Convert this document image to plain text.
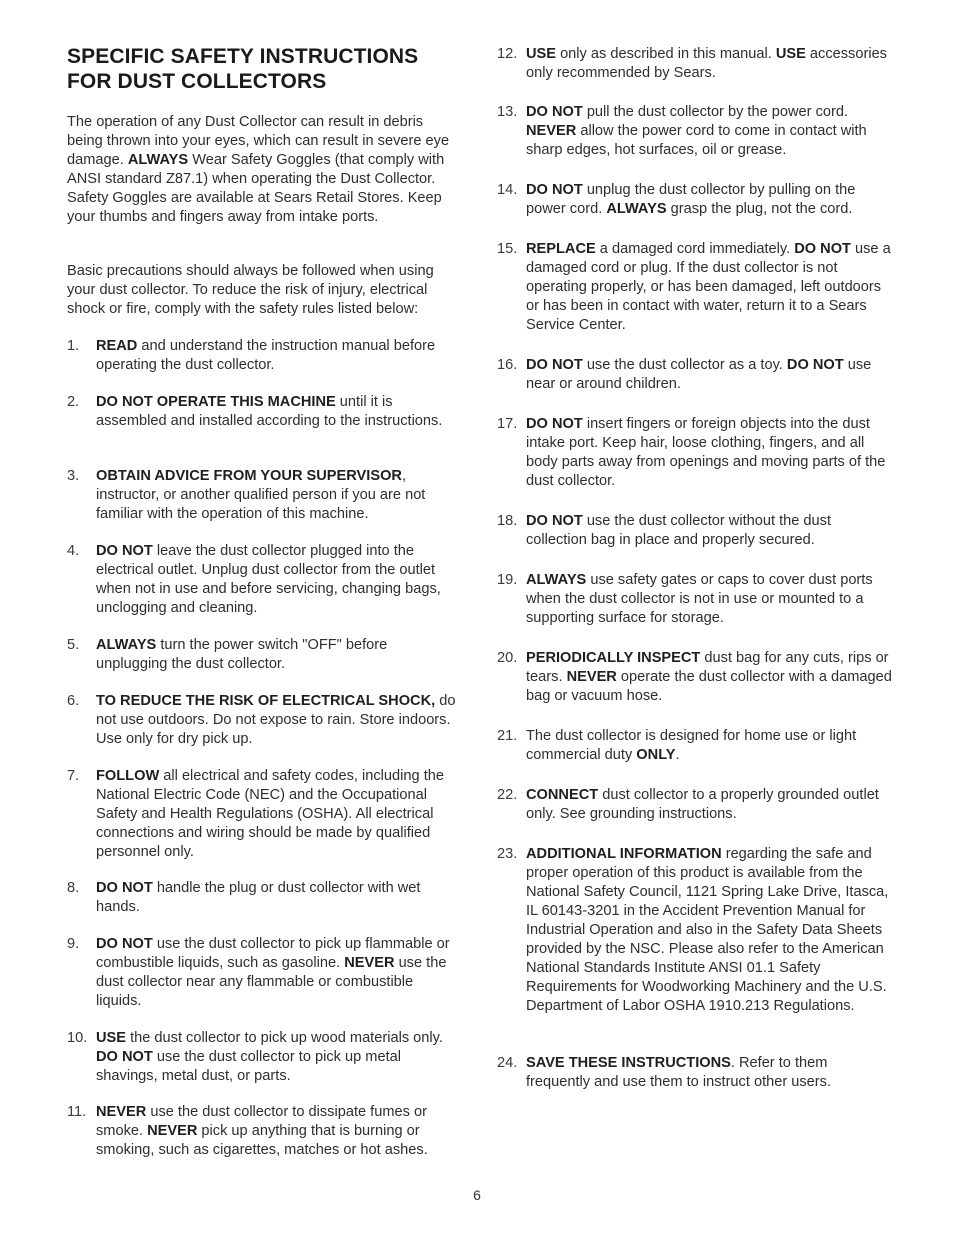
SPECIFIC SAFETY INSTRUCTIONS
FOR DUST COLLECTORS

The operation of any Dust Collector can result in debris being thrown into your eyes, which can result in severe eye damage. ALWAYS Wear Safety Goggles (that comply with ANSI standard Z87.1) when operating the Dust Collector. Safety Goggles are available at Sears Retail Stores. Keep your thumbs and fingers away from intake ports.

Basic precautions should always be followed when using your dust collector. To reduce the risk of injury, electrical shock or fire, comply with the safety rules listed below:

1.	READ and understand the instruction manual before operating the dust collector.
2.	DO NOT OPERATE THIS MACHINE until it is assembled and installed according to the instructions.
3.	OBTAIN ADVICE FROM YOUR SUPERVISOR, instructor, or another qualified person if you are not familiar with the operation of this machine.
4.	DO NOT leave the dust collector plugged into the electrical outlet. Unplug dust collector from the outlet when not in use and before servicing, changing bags, unclogging and cleaning.
5.	ALWAYS turn the power switch "OFF" before unplugging the dust collector.
6.	TO REDUCE THE RISK OF ELECTRICAL SHOCK, do not use outdoors. Do not expose to rain. Store indoors. Use only for dry pick up.
7.	FOLLOW all electrical and safety codes, including the National Electric Code (NEC) and the Occupational Safety and Health Regulations (OSHA). All electrical connections and wiring should be made by qualified personnel only.
8.	DO NOT handle the plug or dust collector with wet hands.
9.	DO NOT use the dust collector to pick up flammable or combustible liquids, such as gasoline. NEVER use the dust collector near any flammable or combustible liquids.
10. USE the dust collector to pick up wood materials only. DO NOT use the dust collector to pick up metal shavings, metal dust, or parts.
11. NEVER use the dust collector to dissipate fumes or smoke. NEVER pick up anything that is burning or smoking, such as cigarettes, matches or hot ashes.
12. USE only as described in this manual. USE accessories only recommended by Sears.
13. DO NOT pull the dust collector by the power cord. NEVER allow the power cord to come in contact with sharp edges, hot surfaces, oil or grease.
14. DO NOT unplug the dust collector by pulling on the power cord. ALWAYS grasp the plug, not the cord.
15. REPLACE a damaged cord immediately. DO NOT use a damaged cord or plug. If the dust collector is not operating properly, or has been damaged, left outdoors or has been in contact with water, return it to a Sears Service Center.
16. DO NOT use the dust collector as a toy. DO NOT use near or around children.
17. DO NOT insert fingers or foreign objects into the dust intake port. Keep hair, loose clothing, fingers, and all body parts away from openings and moving parts of the dust collector.
18. DO NOT use the dust collector without the dust collection bag in place and properly secured.
19. ALWAYS use safety gates or caps to cover dust ports when the dust collector is not in use or mounted to a supporting surface for storage.
20. PERIODICALLY INSPECT dust bag for any cuts, rips or tears. NEVER operate the dust collector with a damaged bag or vacuum hose.
21. The dust collector is designed for home use or light commercial duty ONLY.
22. CONNECT dust collector to a properly grounded outlet only. See grounding instructions.
23. ADDITIONAL INFORMATION regarding the safe and proper operation of this product is available from the National Safety Council, 1121 Spring Lake Drive, Itasca, IL 60143-3201 in the Accident Prevention Manual for Industrial Operation and also in the Safety Data Sheets provided by the NSC. Please also refer to the American National Standards Institute ANSI 01.1 Safety Requirements for Woodworking Machinery and the U.S. Department of Labor OSHA 1910.213 Regulations.
24. SAVE THESE INSTRUCTIONS. Refer to them frequently and use them to instruct other users.
6
